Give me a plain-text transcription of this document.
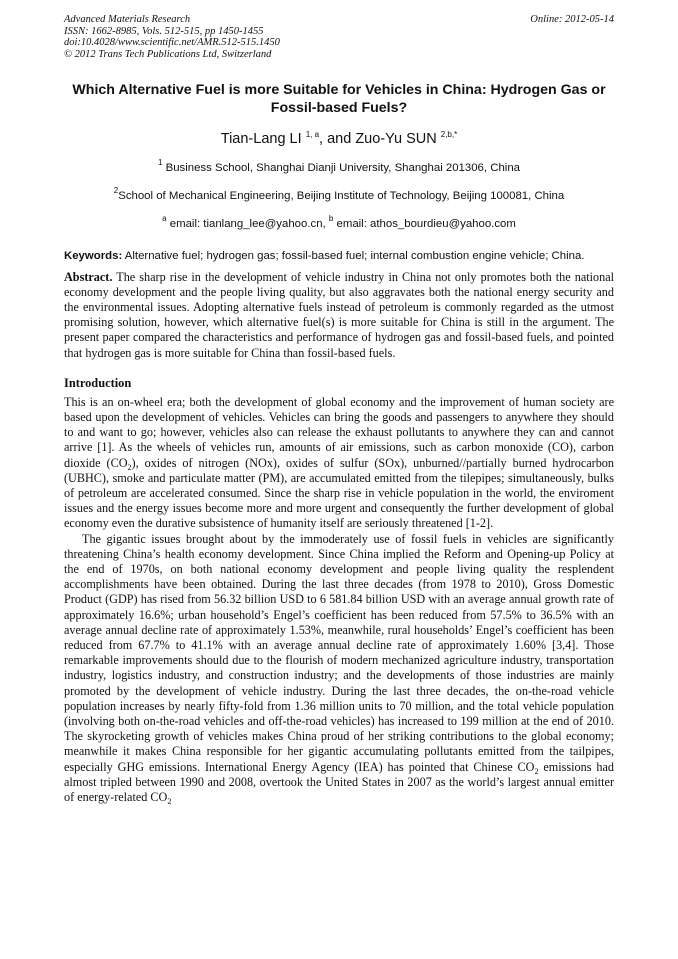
Advanced Materials Research
ISSN: 1662-8985, Vols. 512-515, pp 1450-1455
doi:10.4028/www.scientific.net/AMR.512-515.1450
© 2012 Trans Tech Publications Ltd, Switzerland
Online: 2012-05-14
Which Alternative Fuel is more Suitable for Vehicles in China: Hydrogen Gas or Fossil-based Fuels?
Tian-Lang LI $^{1, a}$, and Zuo-Yu SUN $^{2,b,*}$
$^1$ Business School, Shanghai Dianji University, Shanghai 201306, China
$^2$School of Mechanical Engineering, Beijing Institute of Technology, Beijing 100081, China
$^a$ email: tianlang_lee@yahoo.cn, $^b$ email: athos_bourdieu@yahoo.com
Keywords: Alternative fuel; hydrogen gas; fossil-based fuel; internal combustion engine vehicle; China.
Abstract. The sharp rise in the development of vehicle industry in China not only promotes both the national economy development and the people living quality, but also aggravates both the national energy security and the environmental issues. Adopting alternative fuels instead of petroleum is commonly regarded as the utmost promising solution, however, which alternative fuel(s) is more suitable for China is still in the argument. The present paper compared the characteristics and performance of hydrogen gas and fossil-based fuels, and pointed that hydrogen gas is more suitable for China than fossil-based fuels.
Introduction

This is an on-wheel era; both the development of global economy and the improvement of human society are based upon the development of vehicles. Vehicles can bring the goods and passengers to anywhere they should to and want to go; however, vehicles also can release the exhaust pollutants to anywhere they can and cannot arrive [1]. As the wheels of vehicles run, amounts of air emissions, such as carbon monoxide (CO), carbon dioxide $(CO_2)$, oxides of nitrogen (NOx), oxides of sulfur (SOx), unburned//partially burned hydrocarbon (UBHC), smoke and particulate matter (PM), are accumulated emitted from the tilepipes; simultaneously, bulks of petroleum are accelerated consumed. Since the sharp rise in vehicle population in the world, the enviroment issues and the energy issues become more and more urgent and consequently the further development of global economy even the durative subsistence of humanity itself are seriously threatened [1-2].

The gigantic issues brought about by the immoderately use of fossil fuels in vehicles are significantly threatening China’s health economy development. Since China implied the Reform and Opening-up Policy at the end of 1970s, on both national economy development and people living quality the resplendent accomplishments have been obtained. During the last three decades (from 1978 to 2010), Gross Domestic Product (GDP) has rised from 56.32 billion USD to 6 581.84 billion USD with an average annual growth rate of approximately 16.6%; urban household’s Engel’s coefficient has been reduced from 57.5% to 36.5% with an average annual decline rate of approximately 1.53%, meanwhile, rural households’ Engel’s coefficient has been reduced from 67.7% to 41.1% with an average annual decline rate of approximately 1.60% [3,4]. Those remarkable improvements should due to the flourish of modern mechanized agriculture industry, transportation industry, logistics industry, and construction industry; and the developments of those industries are mainly promoted by the development of vehicle industry. During the last three decades, the on-the-road vehicle population increases by nearly fifty-fold from 1.36 million units to 70 million, and the total vehicle population (involving both on-the-road vehicles and off-the-road vehicles) has increased to 199 million at the end of 2010. The skyrocketing growth of vehicles makes China proud of her striking contributions to the global economy; meanwhile it makes China responsible for her gigantic accumulating pollutants emitted from the tailpipes, especially GHG emissions. International Energy Agency (IEA) has pointed that Chinese $CO_2$ emissions had almost tripled between 1990 and 2008, overtook the United States in 2007 as the world’s largest annual emitter of energy-related $CO_2$
